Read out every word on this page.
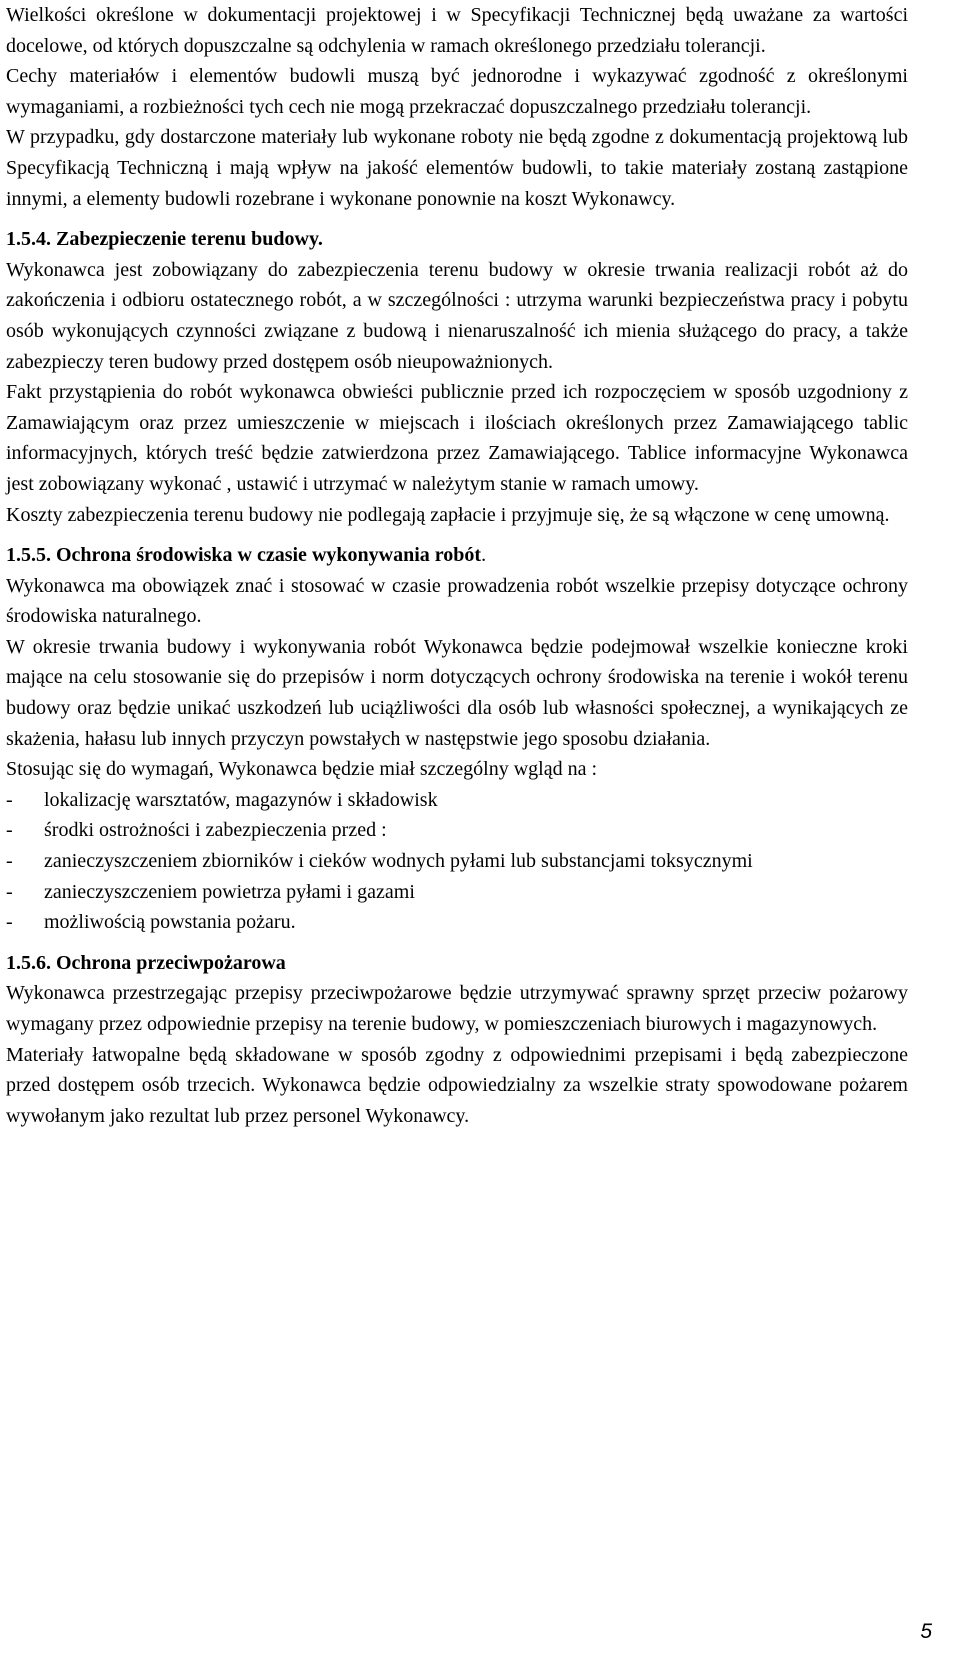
Wielkości określone w dokumentacji projektowej i w Specyfikacji Technicznej będą uważane za wartości docelowe, od których dopuszczalne są odchylenia w ramach określonego przedziału tolerancji.

Cechy materiałów i elementów budowli muszą być jednorodne i wykazywać zgodność z określonymi wymaganiami, a rozbieżności tych cech nie mogą przekraczać dopuszczalnego przedziału tolerancji.

W przypadku, gdy dostarczone materiały lub wykonane roboty nie będą zgodne z dokumentacją projektową lub Specyfikacją Techniczną i mają wpływ na jakość elementów budowli, to takie materiały zostaną zastąpione innymi, a elementy budowli rozebrane i wykonane ponownie na koszt Wykonawcy.

1.5.4. Zabezpieczenie terenu budowy.

Wykonawca jest zobowiązany do zabezpieczenia terenu budowy w okresie trwania realizacji robót aż do zakończenia i odbioru ostatecznego robót, a w szczególności : utrzyma warunki bezpieczeństwa pracy i pobytu osób wykonujących czynności związane z budową i nienaruszalność ich mienia służącego do pracy, a także zabezpieczy teren budowy przed dostępem osób nieupoważnionych.

Fakt przystąpienia do robót wykonawca obwieści publicznie przed ich rozpoczęciem w sposób uzgodniony z Zamawiającym oraz przez umieszczenie w miejscach i ilościach określonych przez Zamawiającego tablic informacyjnych, których treść będzie zatwierdzona przez Zamawiającego. Tablice informacyjne Wykonawca jest zobowiązany wykonać , ustawić i utrzymać w należytym stanie w ramach umowy.

Koszty zabezpieczenia terenu budowy nie podlegają zapłacie i przyjmuje się, że są włączone w cenę umowną.

1.5.5. Ochrona środowiska w czasie wykonywania robót.

Wykonawca ma obowiązek znać i stosować w czasie prowadzenia robót wszelkie przepisy dotyczące ochrony środowiska naturalnego.

W okresie trwania budowy i wykonywania robót Wykonawca będzie podejmował wszelkie konieczne kroki mające na celu stosowanie się do przepisów i norm dotyczących ochrony środowiska na terenie i wokół terenu budowy oraz będzie unikać uszkodzeń lub uciążliwości dla osób lub własności społecznej, a wynikających ze skażenia, hałasu lub innych przyczyn powstałych w następstwie jego sposobu działania.

Stosując się do wymagań, Wykonawca będzie miał szczególny wgląd na :

- lokalizację warsztatów, magazynów i składowisk
- środki ostrożności i zabezpieczenia przed :
- zanieczyszczeniem zbiorników i cieków wodnych pyłami lub substancjami toksycznymi
- zanieczyszczeniem powietrza pyłami i gazami
- możliwością powstania pożaru.
1.5.6. Ochrona przeciwpożarowa

Wykonawca przestrzegając przepisy przeciwpożarowe będzie utrzymywać sprawny sprzęt przeciw pożarowy wymagany przez odpowiednie przepisy na terenie budowy, w pomieszczeniach biurowych i magazynowych.

Materiały łatwopalne będą składowane w sposób zgodny z odpowiednimi przepisami i będą zabezpieczone przed dostępem osób trzecich. Wykonawca będzie odpowiedzialny za wszelkie straty spowodowane pożarem wywołanym jako rezultat lub przez personel Wykonawcy.

5
